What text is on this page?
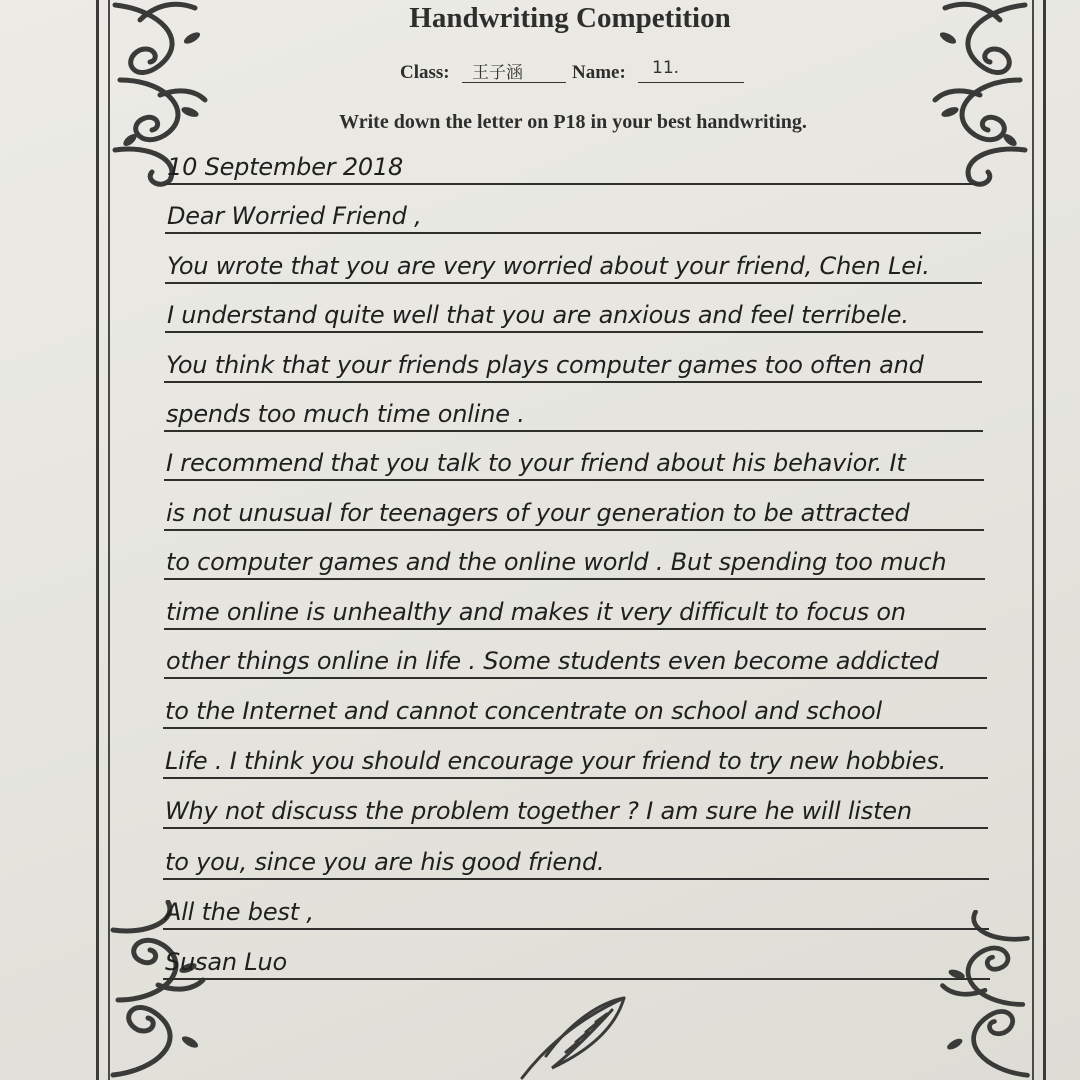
Handwriting Competition
Class: 王子涵	Name: 11.
Write down the letter on P18 in your best handwriting.
10 September 2018
Dear Worried Friend ,
You wrote that you are very worried about your friend, Chen Lei.
I understand quite well that you are anxious and feel terribele.
You think that your friends plays computer games too often and
spends too much time online .
I recommend that you talk to your friend about his behavior. It
is not unusual for teenagers of your generation to be attracted
to computer games and the online world . But spending too much
time online is unhealthy and makes it very difficult to focus on
other things online in life . Some students even become addicted
to the Internet and cannot concentrate on school and school
Life . I think you should encourage your friend to try new hobbies.
Why not discuss the problem together ? I am sure he will listen
to you, since you are his good friend.
All the best ,
Susan Luo
